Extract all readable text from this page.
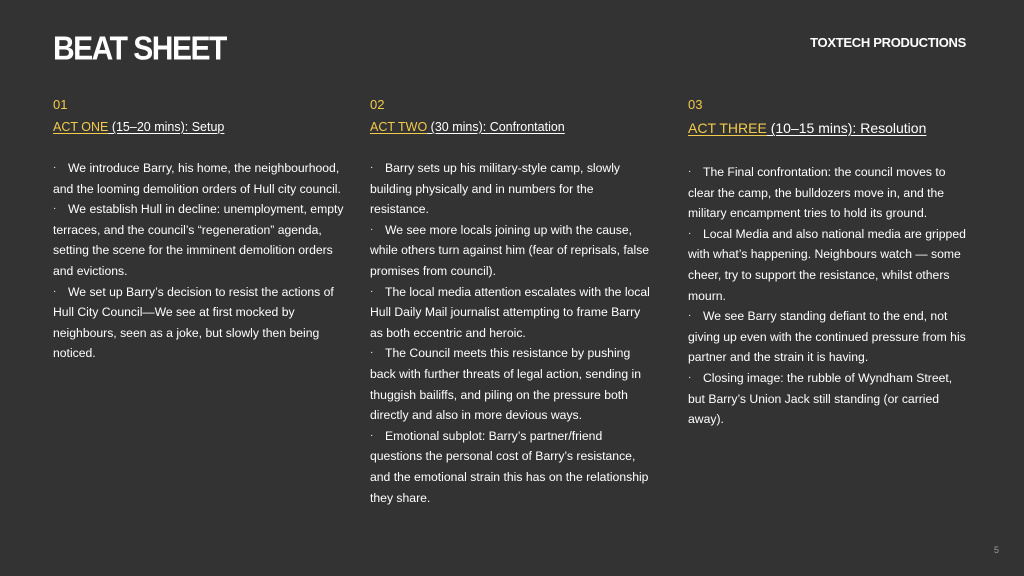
BEAT SHEET	TOXTECH PRODUCTIONS
01
ACT ONE (15–20 mins): Setup
· We introduce Barry, his home, the neighbourhood, and the looming demolition orders of Hull city council.
· We establish Hull in decline: unemployment, empty terraces, and the council’s “regeneration” agenda, setting the scene for the imminent demolition orders and evictions.
· We set up Barry’s decision to resist the actions of Hull City Council—We see at first mocked by neighbours, seen as a joke, but slowly then being noticed.
02
ACT TWO (30 mins): Confrontation
· Barry sets up his military-style camp, slowly building physically and in numbers for the resistance.
· We see more locals joining up with the cause, while others turn against him (fear of reprisals, false promises from council).
· The local media attention escalates with the local Hull Daily Mail journalist attempting to frame Barry as both eccentric and heroic.
· The Council meets this resistance by pushing back with further threats of legal action, sending in thuggish bailiffs, and piling on the pressure both directly and also in more devious ways.
· Emotional subplot: Barry’s partner/friend questions the personal cost of Barry’s resistance, and the emotional strain this has on the relationship they share.
03
ACT THREE (10–15 mins): Resolution
· The Final confrontation: the council moves to clear the camp, the bulldozers move in, and the military encampment tries to hold its ground.
· Local Media and also national media are gripped with what’s happening. Neighbours watch — some cheer, try to support the resistance, whilst others mourn.
· We see Barry standing defiant to the end, not giving up even with the continued pressure from his partner and the strain it is having.
· Closing image: the rubble of Wyndham Street, but Barry’s Union Jack still standing (or carried away).
5
